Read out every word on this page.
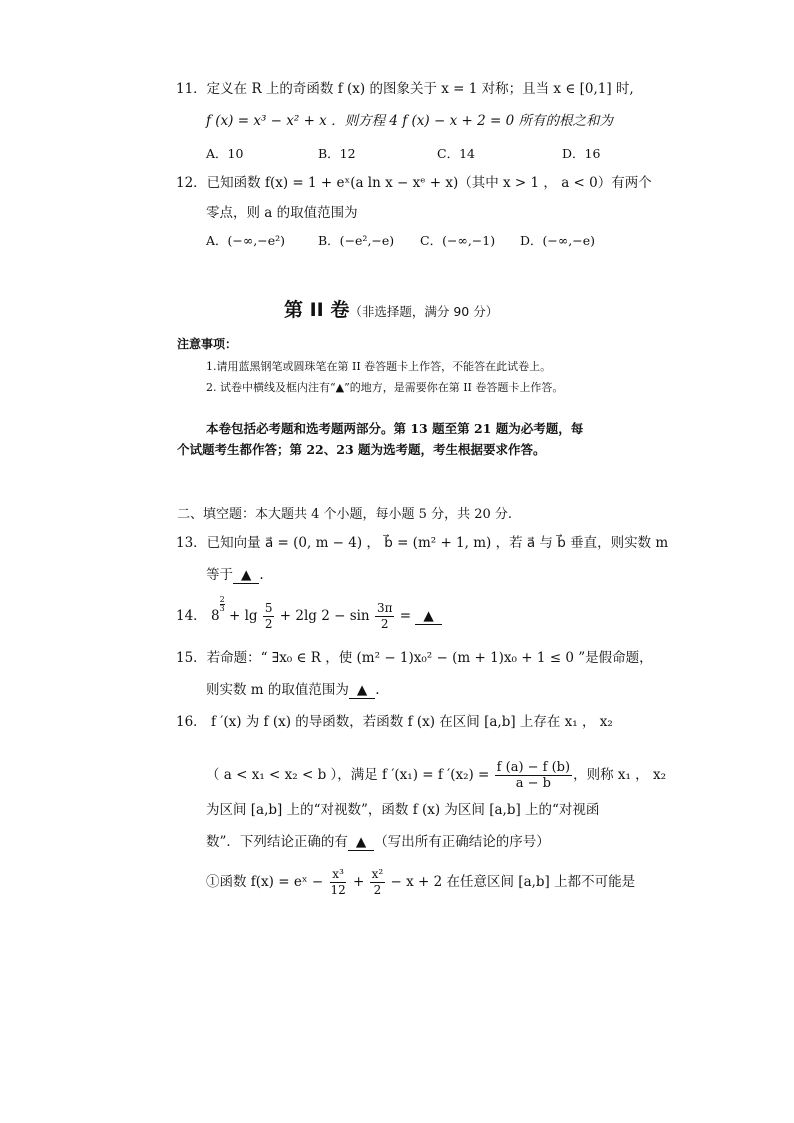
11．定义在 R 上的奇函数 f (x) 的图象关于 x = 1 对称；且当 x ∈ [0,1] 时,
f (x) = x³ − x² + x ．则方程 4 f (x) − x + 2 = 0 所有的根之和为
A．10	B．12	C．14	D．16
12．已知函数 f(x) = 1 + eˣ(a ln x − xᵉ + x)（其中 x > 1 ， a < 0）有两个
零点，则 a 的取值范围为
A．(−∞,−e²)	B．(−e²,−e) C．(−∞,−1) D．(−∞,−e)
第 II 卷（非选择题，满分 90 分）
注意事项：
1.请用蓝黑钢笔或圆珠笔在第 II 卷答题卡上作答，不能答在此试卷上。
2. 试卷中横线及框内注有“▲”的地方，是需要你在第 II 卷答题卡上作答。
本卷包括必考题和选考题两部分。第 13 题至第 21 题为必考题，每
个试题考生都作答；第 22、23 题为选考题，考生根据要求作答。
二、填空题：本大题共 4 个小题，每小题 5 分，共 20 分.
13．已知向量 a⃗ = (0, m − 4) ， b⃗ = (m² + 1, m) ，若 a⃗ 与 b⃗ 垂直，则实数 m
等于 ▲ .
14． 8
$\frac{2}{3}$
+ $\lg \frac{5}{2} + 2\lg$ $2 - \sin \frac{3\pi}{2}$ = ▲
15．若命题：“ ∃x₀ ∈ R ，使 (m² − 1)x₀² − (m + 1)x₀ + 1 ≤ 0 ”是假命题，
则实数 m 的取值范围为 ▲ .
16． f ′(x) 为 f (x) 的导函数，若函数 f (x) 在区间 [a,b] 上存在 x₁ ， x₂
（ a < x₁ < x₂ < b ），满足 f ′(x₁) = f $'(x_2) = \frac{f (a) - f (b)}{a - b}$ ，则称 x₁ ， x₂
为区间 [a,b] 上的“对视数”，函数 f (x) 为区间 [a,b] 上的“对视函
数”．下列结论正确的有 ▲ （写出所有正确结论的序号）
①函数 f(x) = eˣ − $\frac{\text{x³}}{12} + \frac{\text{x²}}{2} - x + 2$ 在任意区间 [a,b] 上都不可能是
